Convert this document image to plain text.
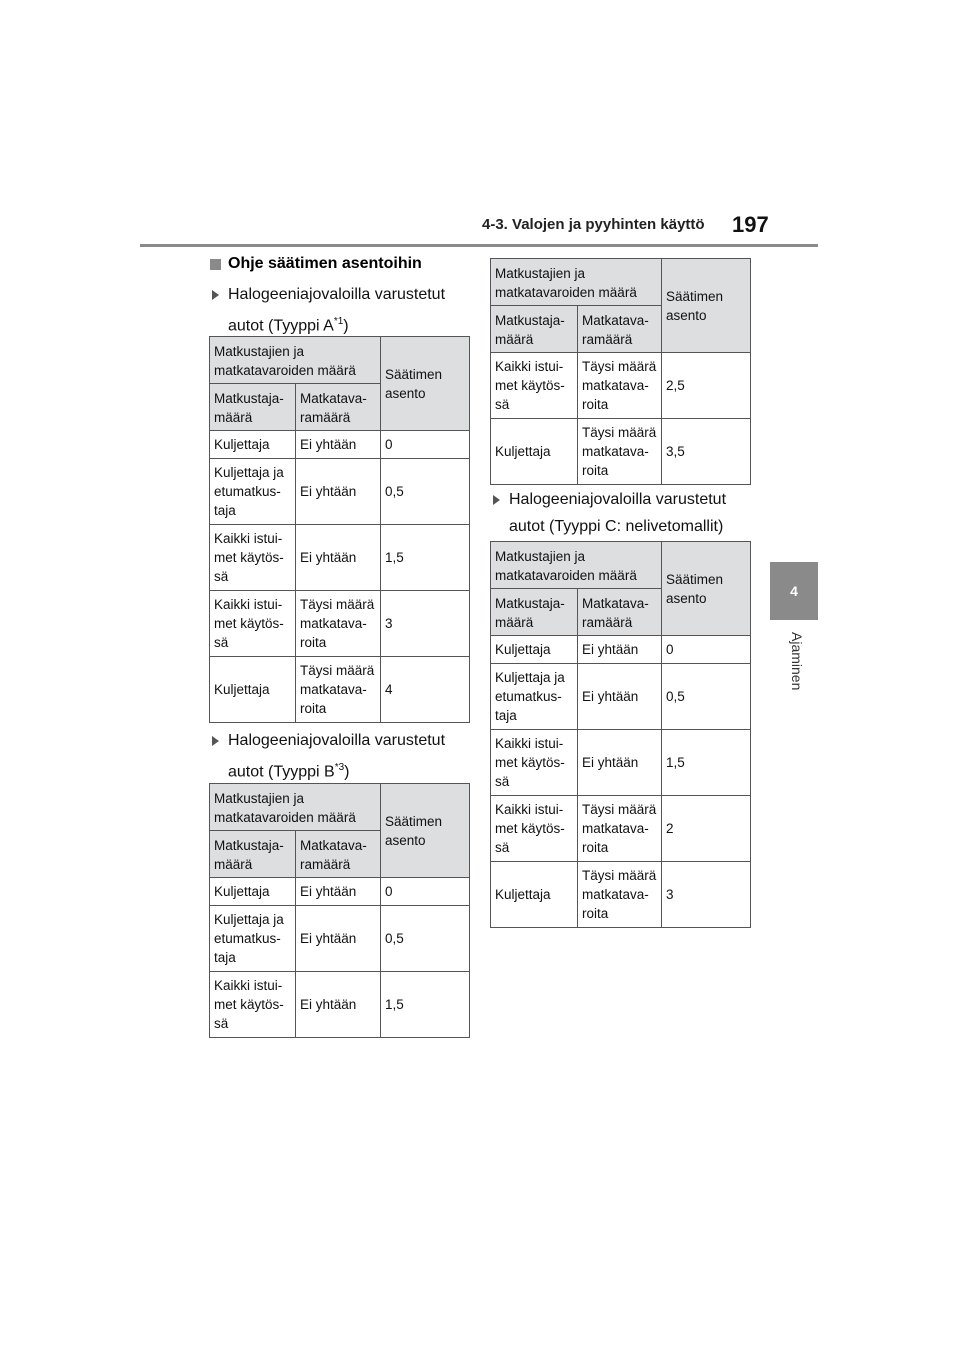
4-3. Valojen ja pyyhinten käyttö 197
4
Ajaminen
Ohje säätimen asentoihin
Halogeeniajovaloilla varustetut
autot (Tyyppi $A^{*1}$)
Matkustajien ja matkatavaroiden määrä		Säätimen asento
Matkustaja-määrä	Matkatava-ramäärä	
Kuljettaja	Ei yhtään	0
Kuljettaja ja etumatkus-taja	Ei yhtään	0,5
Kaikki istui-met käytös-sä	Ei yhtään	1,5
Kaikki istui-met käytös-sä	Täysi määrä matkatava-roita	3
Kuljettaja	Täysi määrä matkatava-roita	4
Halogeeniajovaloilla varustetut
autot (Tyyppi $B^{*3}$)
Matkustajien ja matkatavaroiden määrä		Säätimen asento
Matkustaja-määrä	Matkatava-ramäärä	
Kuljettaja	Ei yhtään	0
Kuljettaja ja etumatkus-taja	Ei yhtään	0,5
Kaikki istui-met käytös-sä	Ei yhtään	1,5
Matkustajien ja matkatavaroiden määrä		Säätimen asento
Matkustaja-määrä	Matkatava-ramäärä	
Kaikki istui-met käytös-sä	Täysi määrä matkatava-roita	2,5
Kuljettaja	Täysi määrä matkatava-roita	3,5
Halogeeniajovaloilla varustetut
autot (Tyyppi C: nelivetomallit)
Matkustajien ja matkatavaroiden määrä		Säätimen asento
Matkustaja-määrä	Matkatava-ramäärä	
Kuljettaja	Ei yhtään	0
Kuljettaja ja etumatkus-taja	Ei yhtään	0,5
Kaikki istui-met käytös-sä	Ei yhtään	1,5
Kaikki istui-met käytös-sä	Täysi määrä matkatava-roita	2
Kuljettaja	Täysi määrä matkatava-roita	3
